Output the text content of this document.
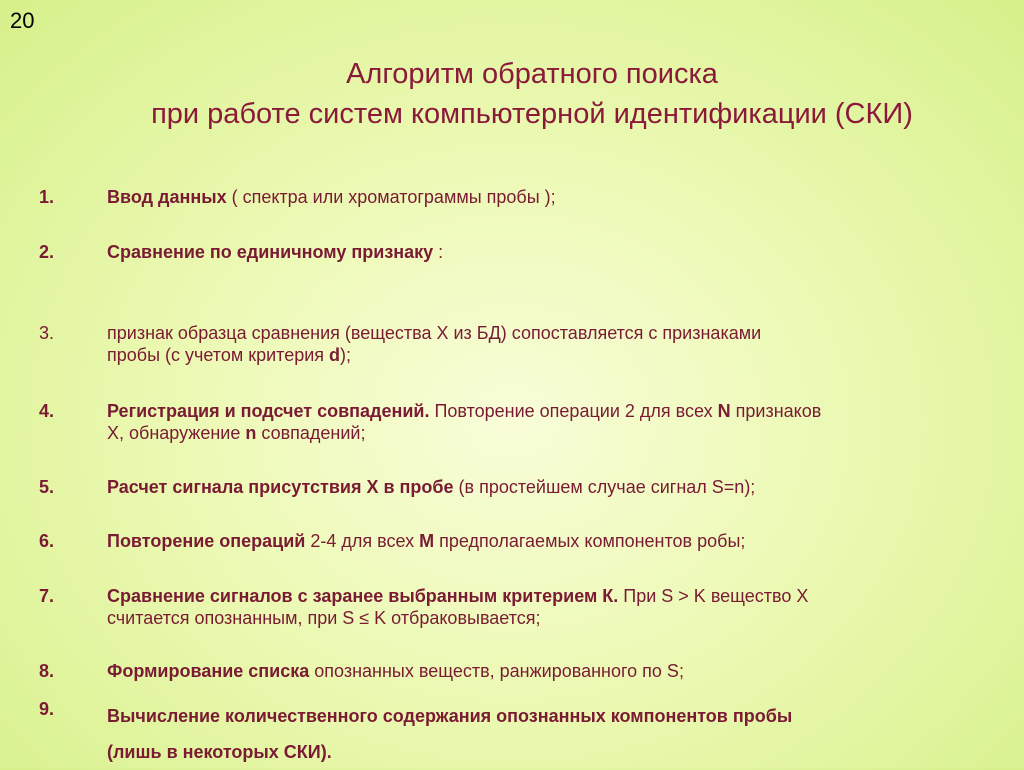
20
Алгоритм обратного поиска
при работе систем компьютерной идентификации (СКИ)
1.	Ввод данных ( спектра или хроматограммы пробы );
2.	Сравнение по единичному признаку :
3.	признак образца сравнения (вещества Х из БД) сопоставляется с признаками
пробы (с учетом критерия d);
4.	Регистрация и подсчет совпадений. Повторение операции 2 для всех N признаков
Х, обнаружение n совпадений;
5.	Расчет сигнала присутствия Х в пробе (в простейшем случае сигнал S=n);
6.	Повторение операций 2-4 для всех М предполагаемых компонентов робы;
7.	Сравнение сигналов с заранее выбранным критерием К. При S > K вещество Х
считается опознанным, при S ≤ K отбраковывается;
8.	Формирование списка опознанных веществ, ранжированного по S;
9.	Вычисление количественного содержания опознанных компонентов пробы
(лишь в некоторых СКИ).
